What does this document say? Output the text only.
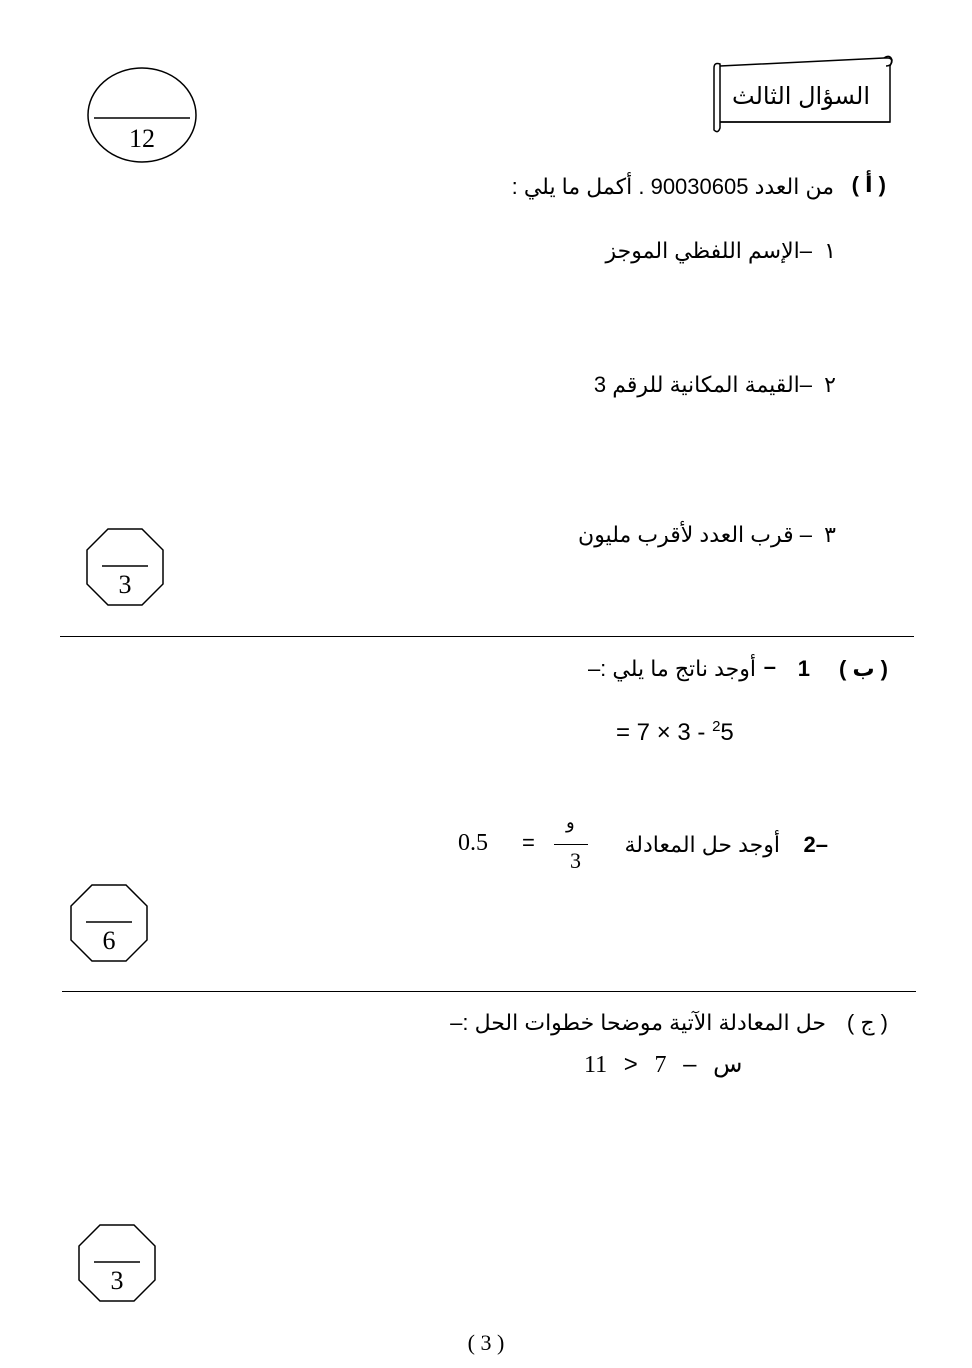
السؤال الثالث
12
( أ )
من العدد 90030605 . أكمل ما يلي :
١
–الإسم اللفظي الموجز
٢
–القيمة المكانية للرقم 3
٣
– قرب العدد لأقرب مليون
3
( ب )
1
–
أوجد ناتج ما يلي :–
= 7 × 3 - $^2$5
–2
أوجد حل المعادلة
و
3
=
0.5
6
( ج )
حل المعادلة الآتية موضحا خطوات الحل :–
11 > 7 – س
3
( 3 )
